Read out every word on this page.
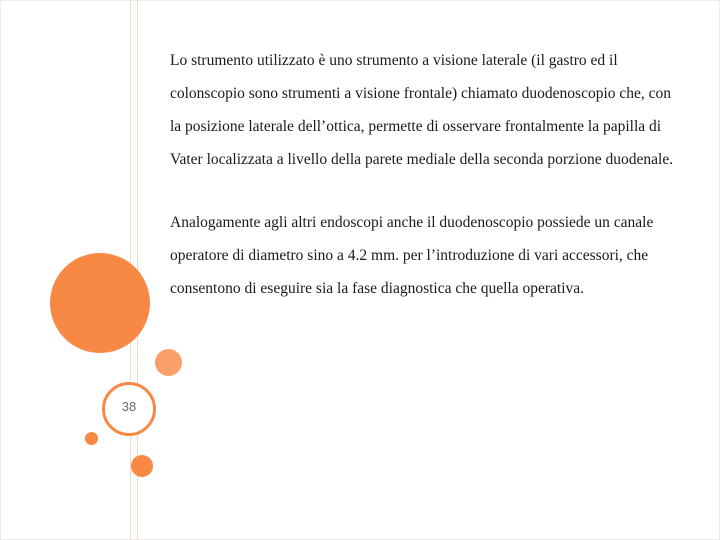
38

Lo strumento utilizzato è uno strumento a visione laterale (il gastro ed il colonscopio sono strumenti a visione frontale) chiamato duodenoscopio che, con la posizione laterale dell’ottica, permette di osservare frontalmente la papilla di Vater localizzata a livello della parete mediale della seconda porzione duodenale.

Analogamente agli altri endoscopi anche il duodenoscopio possiede un canale operatore di diametro sino a 4.2 mm. per l’introduzione di vari accessori, che consentono di eseguire sia la fase diagnostica che quella operativa.
